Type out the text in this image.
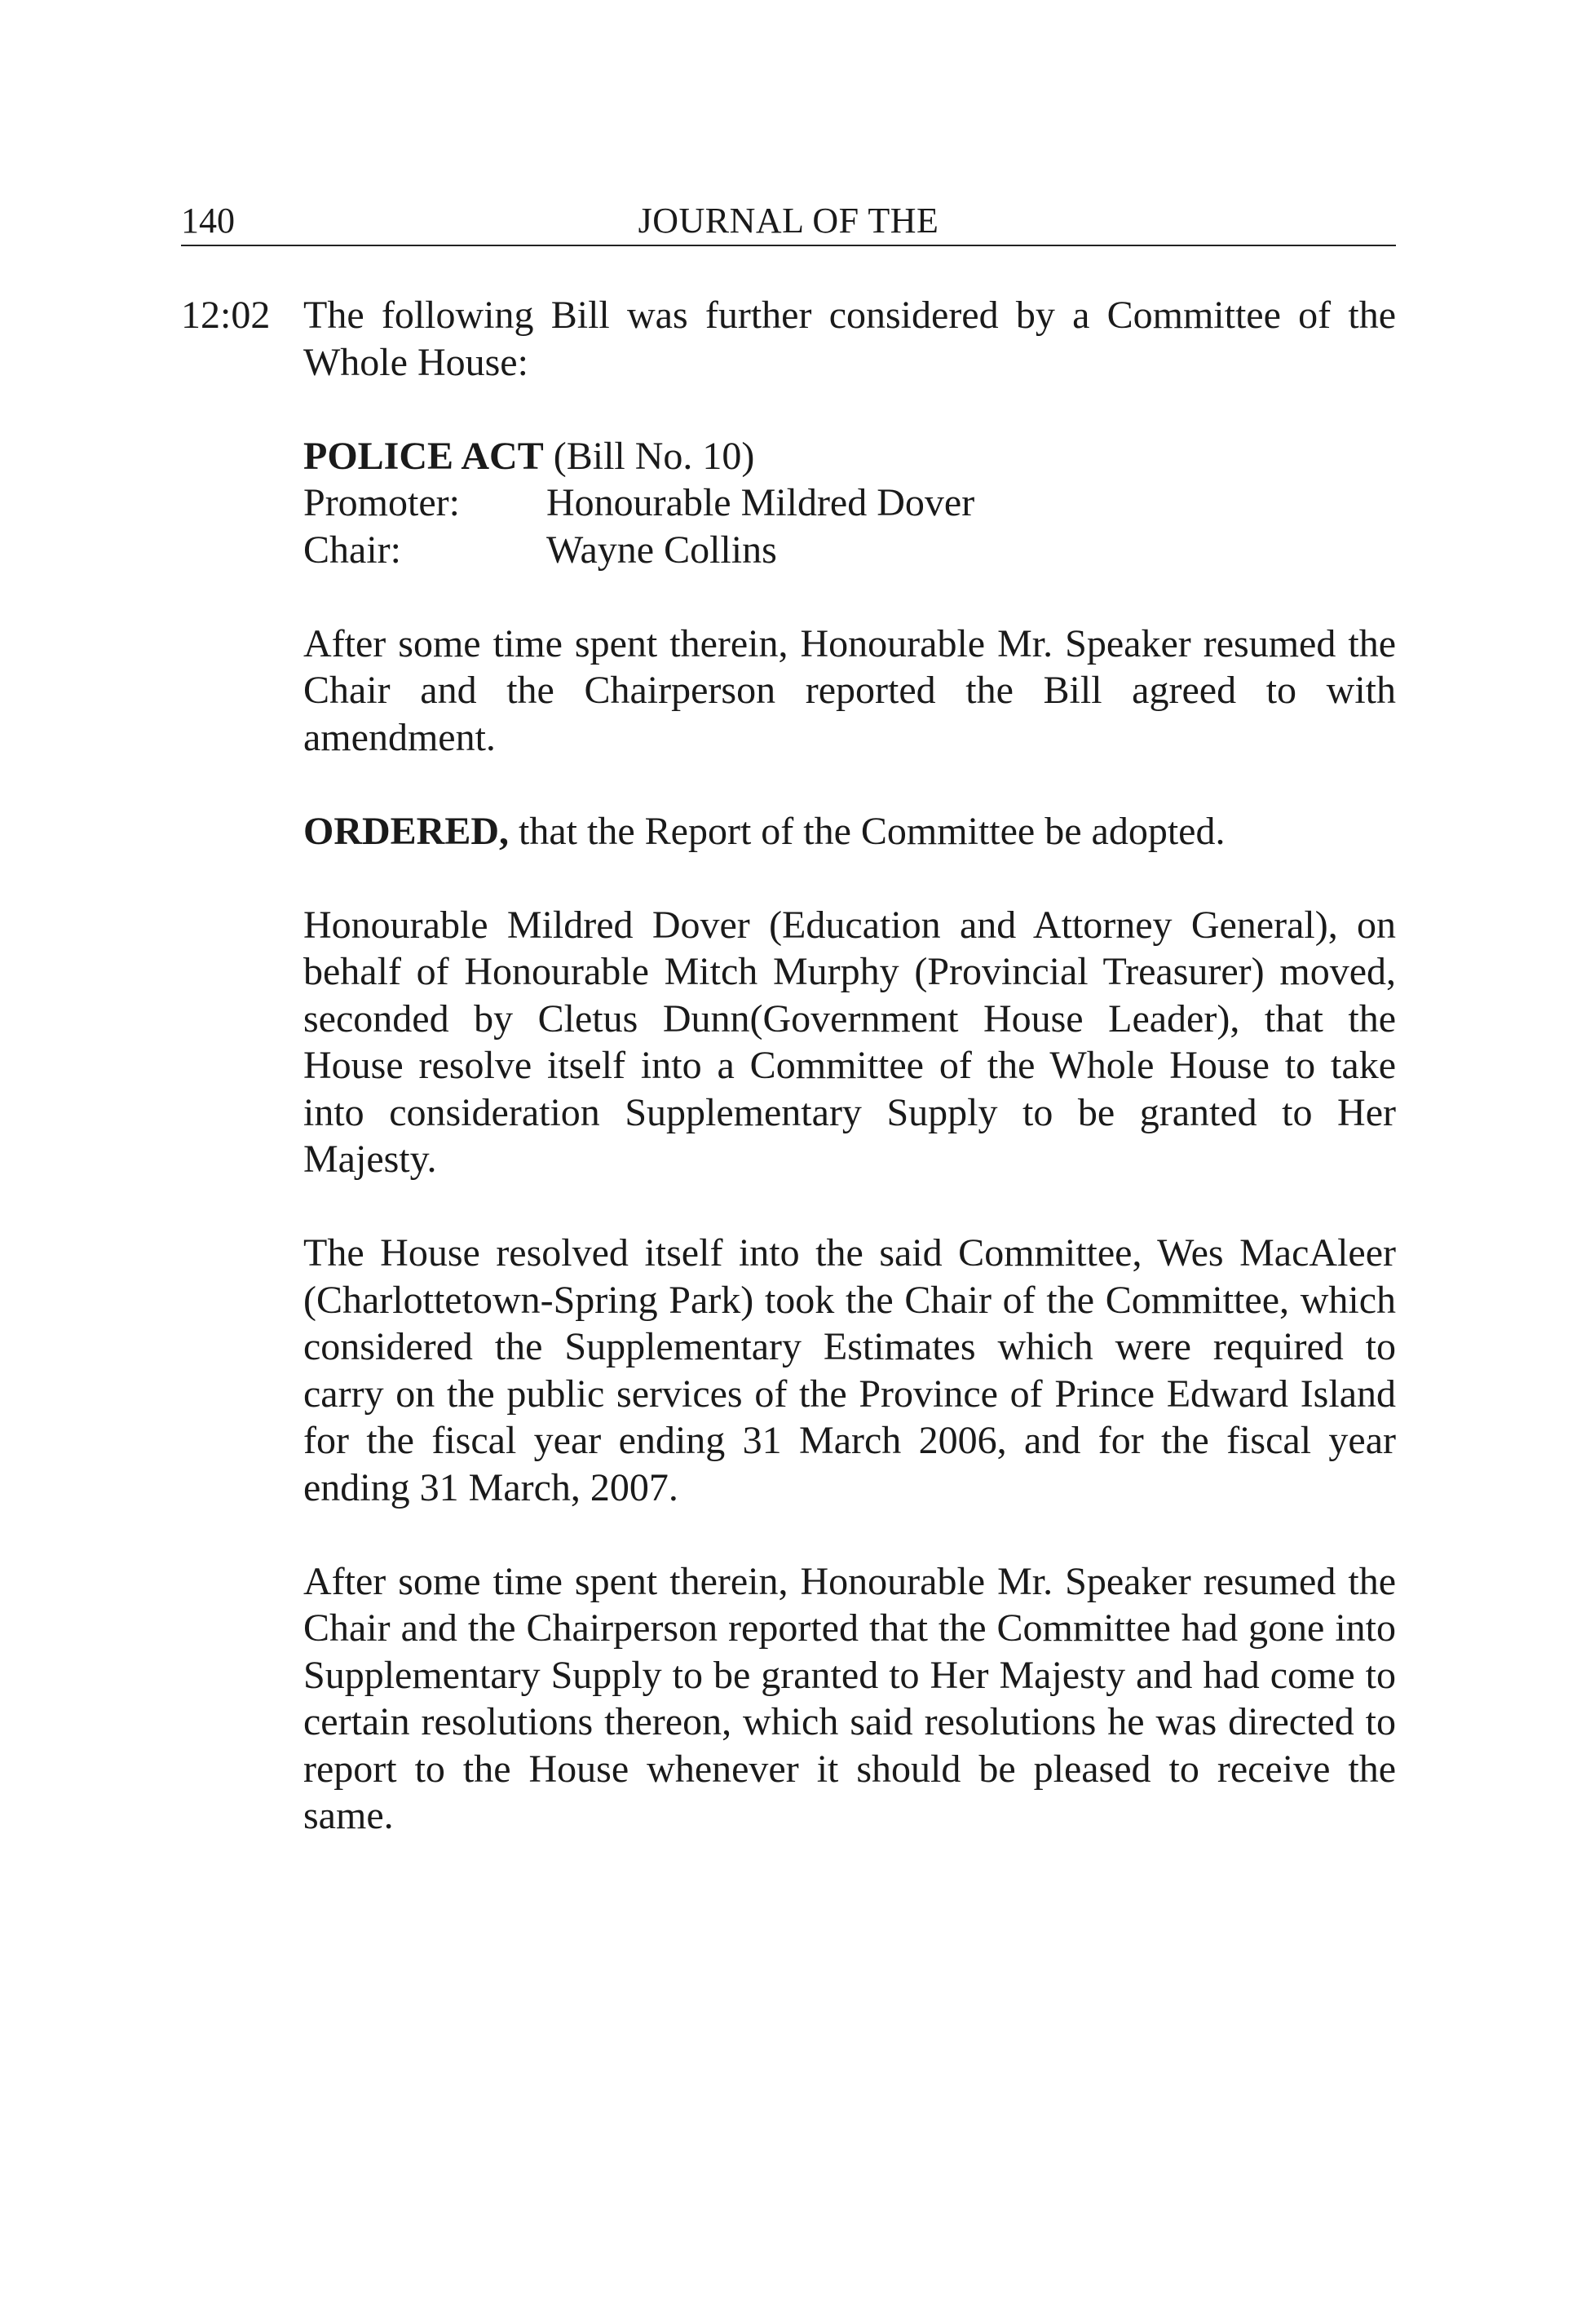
140	JOURNAL OF THE
12:02 The following Bill was further considered by a Committee of the Whole House:

POLICE ACT (Bill No. 10)

Promoter:	Honourable Mildred Dover
Chair:	Wayne Collins

After some time spent therein, Honourable Mr. Speaker resumed the Chair and the Chairperson reported the Bill agreed to with amendment.

ORDERED, that the Report of the Committee be adopted.

Honourable Mildred Dover (Education and Attorney General), on behalf of Honourable Mitch Murphy (Provincial Treasurer) moved, seconded by Cletus Dunn(Government House Leader), that the House resolve itself into a Committee of the Whole House to take into consideration Supplementary Supply to be granted to Her Majesty.

The House resolved itself into the said Committee, Wes MacAleer (Charlottetown-Spring Park) took the Chair of the Committee, which considered the Supplementary Estimates which were required to carry on the public services of the Province of Prince Edward Island for the fiscal year ending 31 March 2006, and for the fiscal year ending 31 March, 2007.

After some time spent therein, Honourable Mr. Speaker resumed the Chair and the Chairperson reported that the Committee had gone into Supplementary Supply to be granted to Her Majesty and had come to certain resolutions thereon, which said resolutions he was directed to report to the House whenever it should be pleased to receive the same.
